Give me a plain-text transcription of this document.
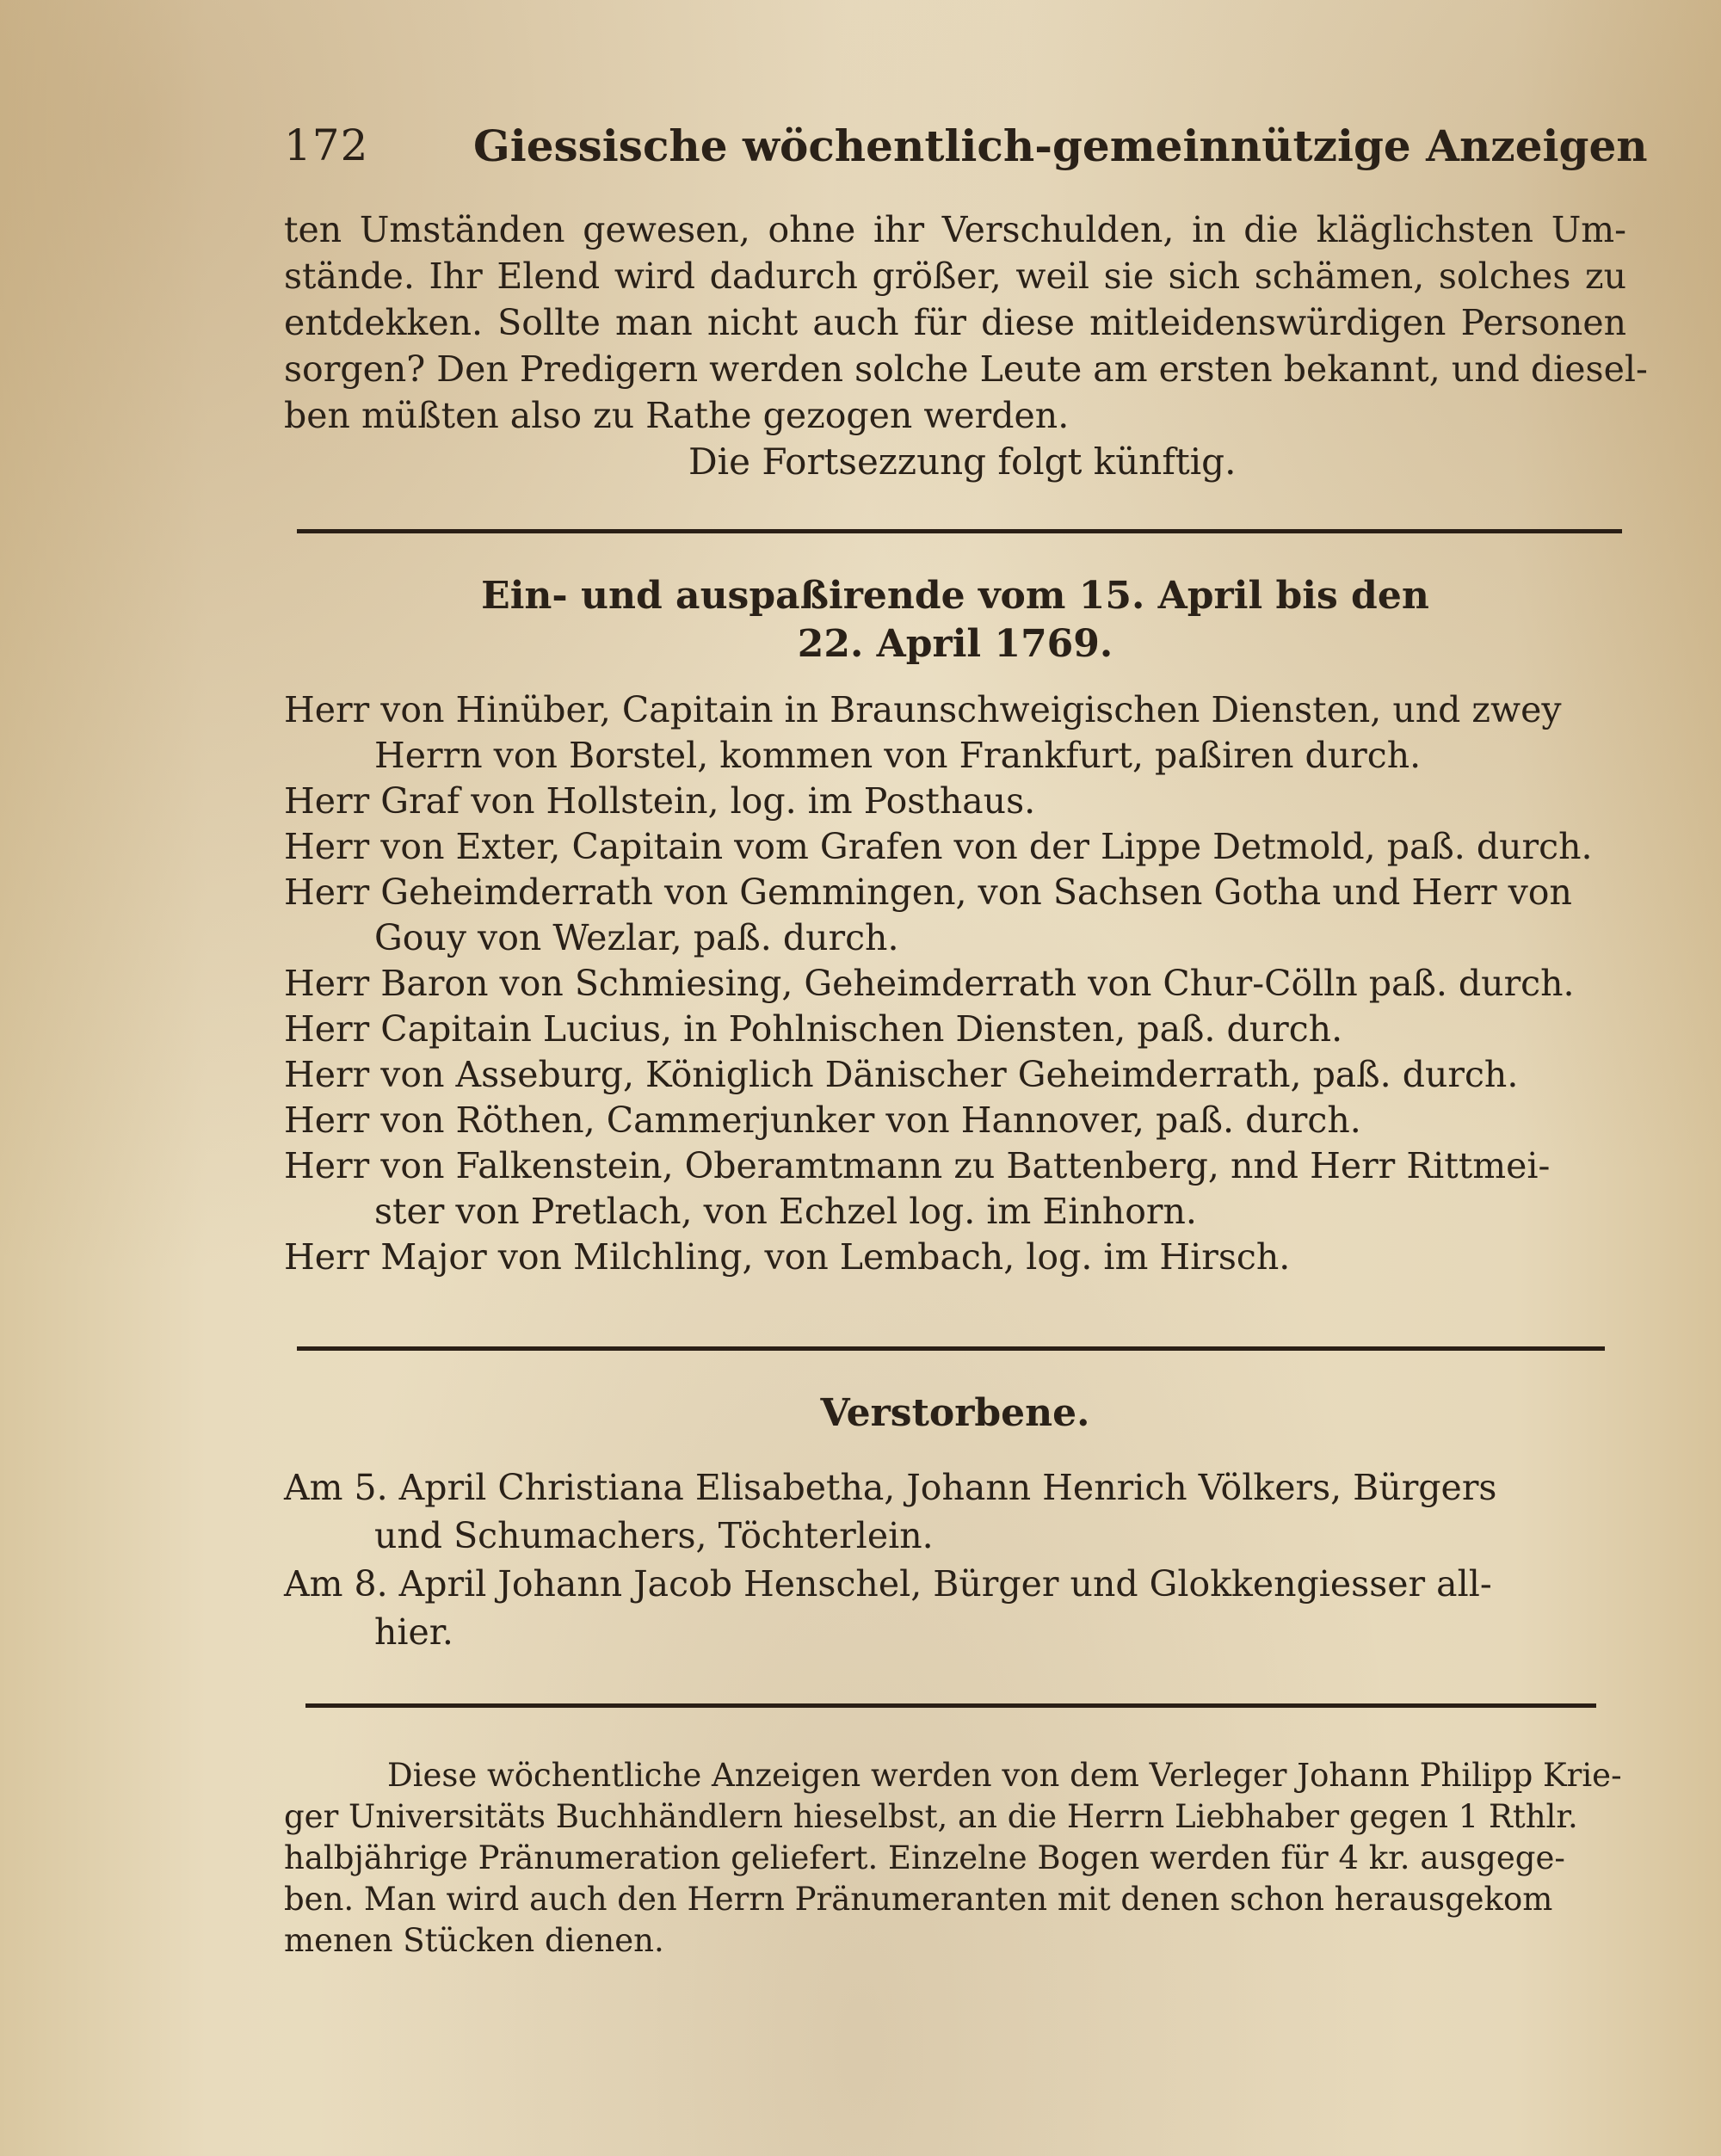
172 Giessische wöchentlich-gemeinnützige Anzeigen
ten Umständen gewesen, ohne ihr Verschulden, in die kläglichsten Um-
stände. Ihr Elend wird dadurch größer, weil sie sich schämen, solches zu
entdekken. Sollte man nicht auch für diese mitleidenswürdigen Personen
sorgen? Den Predigern werden solche Leute am ersten bekannt, und diesel-
ben müßten also zu Rathe gezogen werden.
Die Fortsezzung folgt künftig.
Ein- und auspaßirende vom 15. April bis den
22. April 1769.

Herr von Hinüber, Capitain in Braunschweigischen Diensten, und zwey
Herrn von Borstel, kommen von Frankfurt, paßiren durch.

Herr Graf von Hollstein, log. im Posthaus.

Herr von Exter, Capitain vom Grafen von der Lippe Detmold, paß. durch.

Herr Geheimderrath von Gemmingen, von Sachsen Gotha und Herr von
Gouy von Wezlar, paß. durch.

Herr Baron von Schmiesing, Geheimderrath von Chur-Cölln paß. durch.

Herr Capitain Lucius, in Pohlnischen Diensten, paß. durch.

Herr von Asseburg, Königlich Dänischer Geheimderrath, paß. durch.

Herr von Röthen, Cammerjunker von Hannover, paß. durch.

Herr von Falkenstein, Oberamtmann zu Battenberg, nnd Herr Rittmei-
ster von Pretlach, von Echzel log. im Einhorn.

Herr Major von Milchling, von Lembach, log. im Hirsch.

Verstorbene.

Am 5. April Christiana Elisabetha, Johann Henrich Völkers, Bürgers
und Schumachers, Töchterlein.

Am 8. April Johann Jacob Henschel, Bürger und Glokkengiesser all-
hier.

Diese wöchentliche Anzeigen werden von dem Verleger Johann Philipp Krie-
ger Universitäts Buchhändlern hieselbst, an die Herrn Liebhaber gegen 1 Rthlr.
halbjährige Pränumeration geliefert. Einzelne Bogen werden für 4 kr. ausgege-
ben. Man wird auch den Herrn Pränumeranten mit denen schon herausgekom
menen Stücken dienen.
